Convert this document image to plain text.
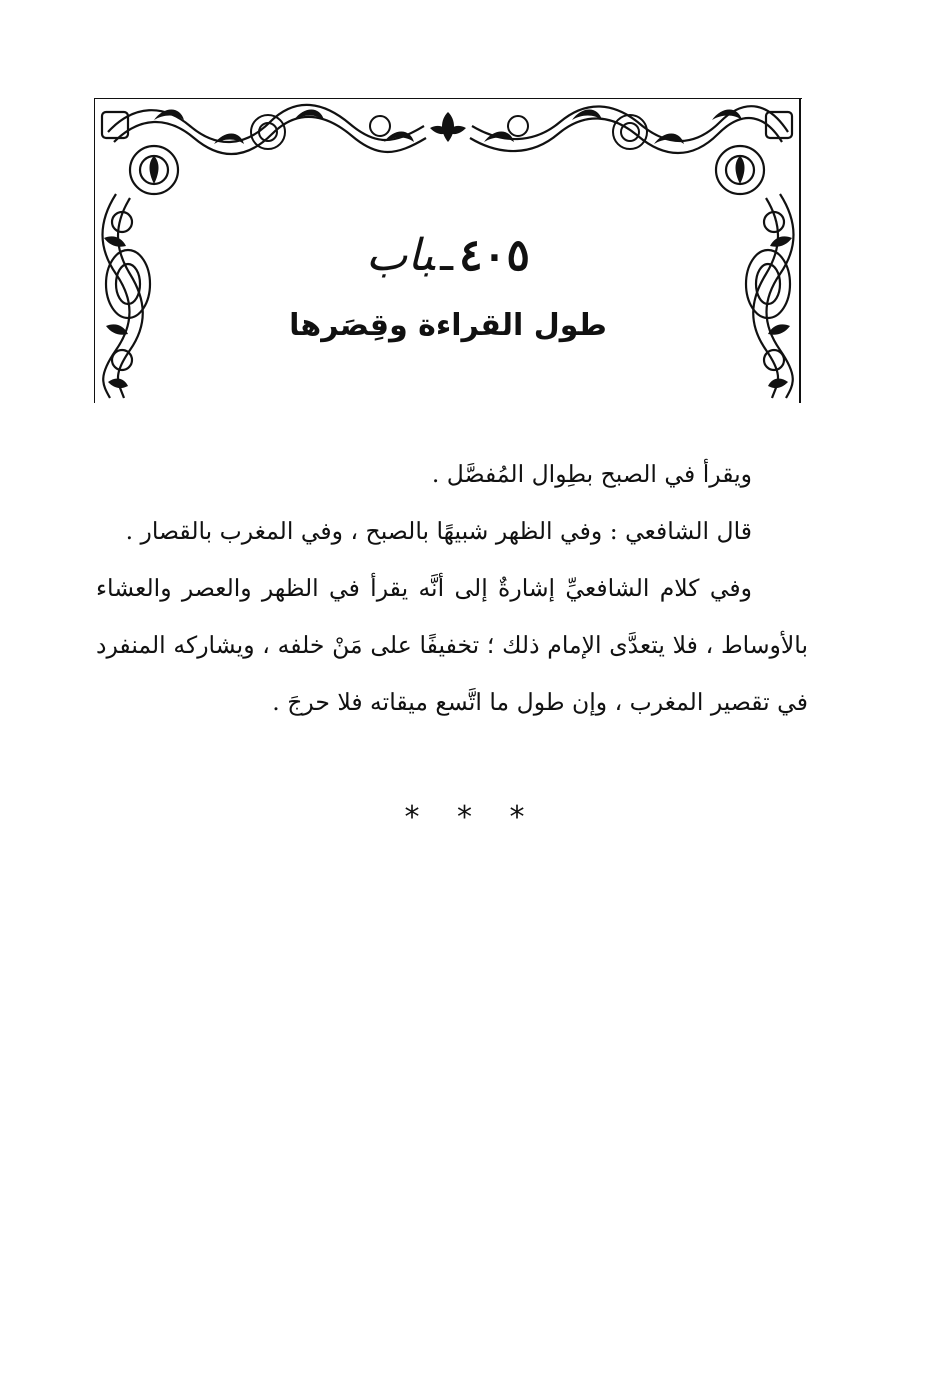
٤٠٥ـباب
طول القراءة وقِصَرها

ويقرأ في الصبح بطِوال المُفصَّل .

قال الشافعي : وفي الظهر شبيهًا بالصبح ، وفي المغرب بالقصار .

وفي كلام الشافعيِّ إشارةٌ إلى أنَّه يقرأ في الظهر والعصر والعشاء بالأوساط ، فلا يتعدَّى الإمام ذلك ؛ تخفيفًا على مَنْ خلفه ، ويشاركه المنفرد في تقصير المغرب ، وإن طول ما اتَّسع ميقاته فلا حرجَ .

* * *
